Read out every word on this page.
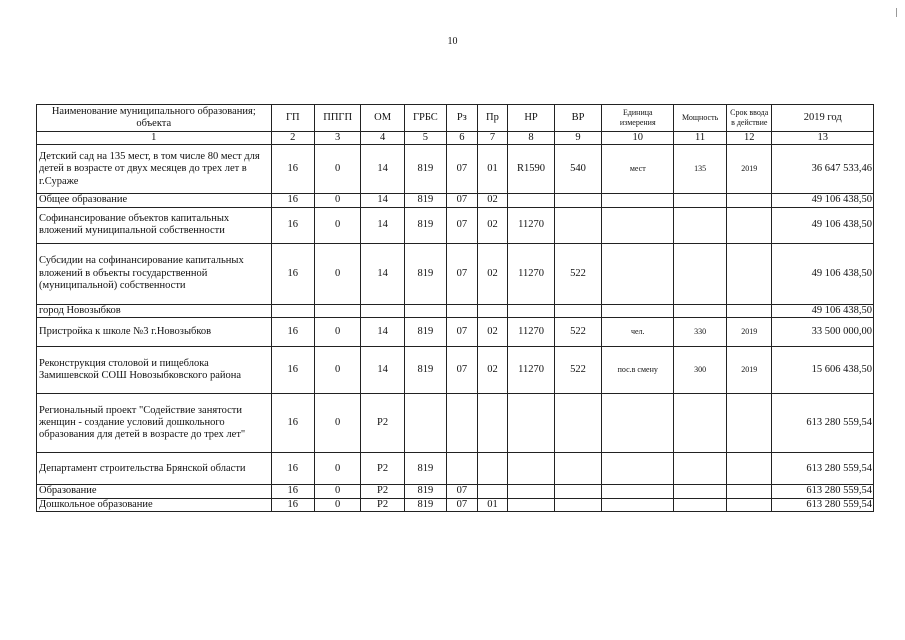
10
Наименование муниципального образования; объекта	ГП	ППГП	ОМ	ГРБС	Рз	Пр	НР	ВР	Единица измерения	Мощность	Срок ввода в действие	2019 год
1	2	3	4	5	6	7	8	9	10	11	12	13
Детский сад на 135 мест, в том числе 80 мест для детей в возрасте от двух месяцев до трех лет в г.Сураже	16	0	14	819	07	01	R1590	540	мест	135	2019	36 647 533,46
Общее образование	16	0	14	819	07	02						49 106 438,50
Софинансирование объектов капитальных вложений муниципальной собственности	16	0	14	819	07	02	11270					49 106 438,50
Субсидии на софинансирование капитальных вложений в объекты государственной (муниципальной) собственности	16	0	14	819	07	02	11270	522				49 106 438,50
город Новозыбков												49 106 438,50
Пристройка к школе №3 г.Новозыбков	16	0	14	819	07	02	11270	522	чел.	330	2019	33 500 000,00
Реконструкция столовой и пищеблока Замишевской СОШ Новозыбковского района	16	0	14	819	07	02	11270	522	пос.в смену	300	2019	15 606 438,50
Региональный проект "Содействие занятости женщин - создание условий дошкольного образования для детей в возрасте до трех лет"	16	0	Р2									613 280 559,54
Департамент строительства Брянской области	16	0	Р2	819								613 280 559,54
Образование	16	0	Р2	819	07							613 280 559,54
Дошкольное образование	16	0	Р2	819	07	01						613 280 559,54
